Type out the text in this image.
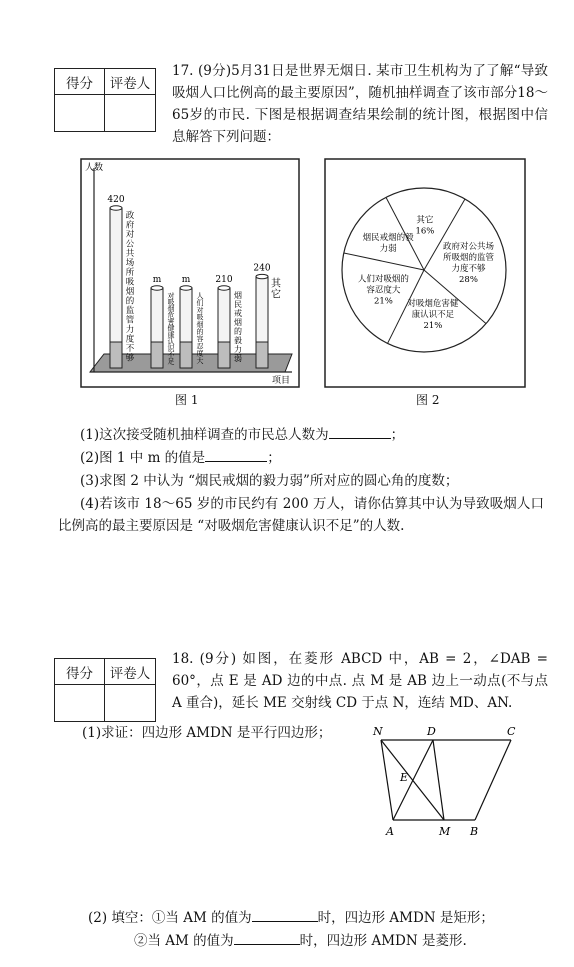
得分	评卷人
17. (9分)5月31日是世界无烟日. 某市卫生机构为了了解“导致吸烟人口比例高的最主要原因”，随机抽样调查了该市部分18～65岁的市民. 下图是根据调查结果绘制的统计图，根据图中信息解答下列问题：
人数
项目
420
政
府
对
公
共
场
所
吸
烟
的
监
管
力
度
不
够
m
对
吸
烟
危
害
健
康
认
识
不
足
m
人
们
对
吸
烟
的
容
忍
度
大
210
烟
民
戒
烟
的
毅
力
弱
240
其
它
图 1
政府对公共场
所吸烟的监管
力度不够
28%
对吸烟危害健
康认识不足
21%
人们对吸烟的
容忍度大
21%
烟民戒烟的毅
力弱
其它
16%
图 2
(1)这次接受随机抽样调查的市民总人数为	；
(2)图 1 中 m 的值是	；
(3)求图 2 中认为 “烟民戒烟的毅力弱”所对应的圆心角的度数；
(4)若该市 18～65 岁的市民约有 200 万人，请你估算其中认为导致吸烟人口比例高的最主要原因是 “对吸烟危害健康认识不足”的人数.
得分	评卷人
18. (9分) 如图，在菱形 ABCD 中，AB = 2，∠DAB = 60°，点 E 是 AD 边的中点. 点 M 是 AB 边上一动点(不与点 A 重合)，延长 ME 交射线 CD 于点 N，连结 MD、AN.
(1)求证：四边形 AMDN 是平行四边形；	N	D	C
E
A	M B
(2) 填空：①当 AM 的值为	时，四边形 AMDN 是矩形；
②当 AM 的值为	时，四边形 AMDN 是菱形.
